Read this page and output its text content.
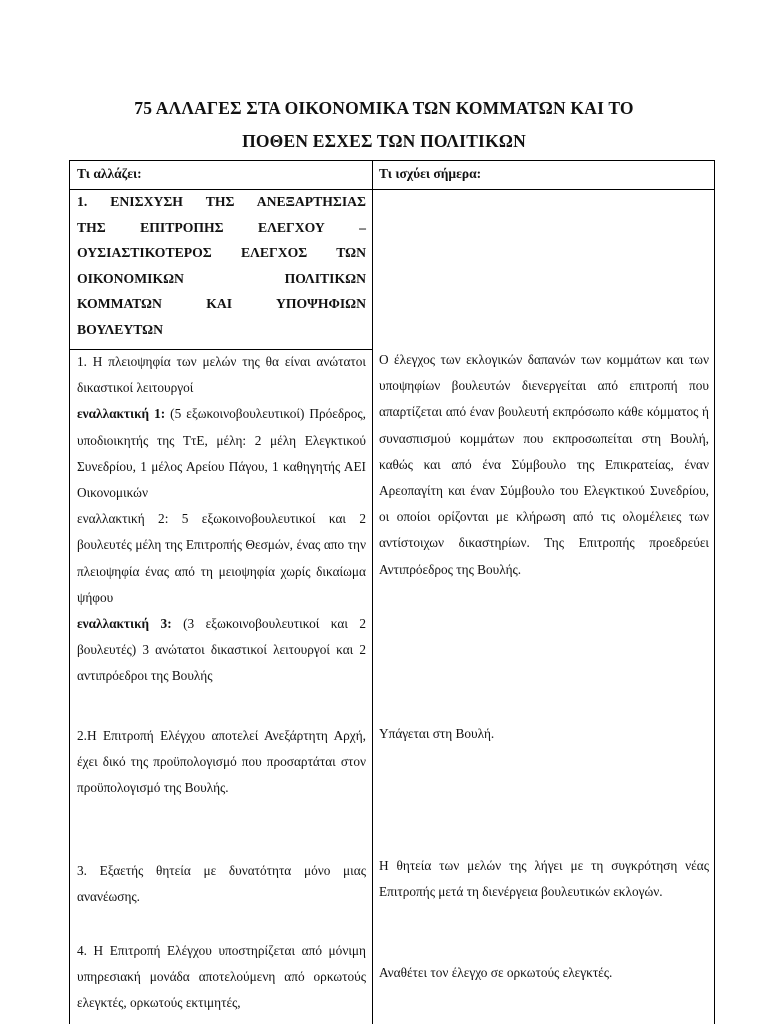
75 ΑΛΛΑΓΕΣ ΣΤΑ ΟΙΚΟΝΟΜΙΚΑ ΤΩΝ ΚΟΜΜΑΤΩΝ ΚΑΙ ΤΟ
ΠΟΘΕΝ ΕΣΧΕΣ ΤΩΝ ΠΟΛΙΤΙΚΩΝ
Τι αλλάζει:	Τι ισχύει σήμερα:
1. ΕΝΙΣΧΥΣΗ ΤΗΣ ΑΝΕΞΑΡΤΗΣΙΑΣ
ΤΗΣ ΕΠΙΤΡΟΠΗΣ ΕΛΕΓΧΟΥ –
ΟΥΣΙΑΣΤΙΚΟΤΕΡΟΣ ΕΛΕΓΧΟΣ ΤΩΝ
ΟΙΚΟΝΟΜΙΚΩΝ ΠΟΛΙΤΙΚΩΝ
ΚΟΜΜΑΤΩΝ ΚΑΙ ΥΠΟΨΗΦΙΩΝ
ΒΟΥΛΕΥΤΩΝ

1. Η πλειοψηφία των μελών της θα είναι ανώτατοι δικαστικοί λειτουργοί

εναλλακτική 1: (5 εξωκοινοβουλευτικοί) Πρόεδρος, υποδιοικητής της ΤτΕ, μέλη: 2 μέλη Ελεγκτικού Συνεδρίου, 1 μέλος Αρείου Πάγου, 1 καθηγητής ΑΕΙ Οικονομικών

εναλλακτική 2: 5 εξωκοινοβουλευτικοί και 2 βουλευτές μέλη της Επιτροπής Θεσμών, ένας απο την πλειοψηφία ένας από τη μειοψηφία χωρίς δικαίωμα ψήφου

εναλλακτική 3: (3 εξωκοινοβουλευτικοί και 2 βουλευτές) 3 ανώτατοι δικαστικοί λειτουργοί και 2 αντιπρόεδροι της Βουλής

Ο έλεγχος των εκλογικών δαπανών των κομμάτων και των υποψηφίων βουλευτών διενεργείται από επιτροπή που απαρτίζεται από έναν βουλευτή εκπρόσωπο κάθε κόμματος ή συνασπισμού κομμάτων που εκπροσωπείται στη Βουλή, καθώς και από ένα Σύμβουλο της Επικρατείας, έναν Αρεοπαγίτη και έναν Σύμβουλο του Ελεγκτικού Συνεδρίου, οι οποίοι ορίζονται με κλήρωση από τις ολομέλειες των αντίστοιχων δικαστηρίων. Της Επιτροπής προεδρεύει Αντιπρόεδρος της Βουλής.
2.Η Επιτροπή Ελέγχου αποτελεί Ανεξάρτητη Αρχή, έχει δικό της προϋπολογισμό που προσαρτάται στον προϋπολογισμό της Βουλής.
Υπάγεται στη Βουλή.
3. Εξαετής θητεία με δυνατότητα μόνο μιας ανανέωσης.
Η θητεία των μελών της λήγει με τη συγκρότηση νέας Επιτροπής μετά τη διενέργεια βουλευτικών εκλογών.
4. Η Επιτροπή Ελέγχου υποστηρίζεται από μόνιμη υπηρεσιακή μονάδα αποτελούμενη από ορκωτούς ελεγκτές, ορκωτούς εκτιμητές,
Αναθέτει τον έλεγχο σε ορκωτούς ελεγκτές.
